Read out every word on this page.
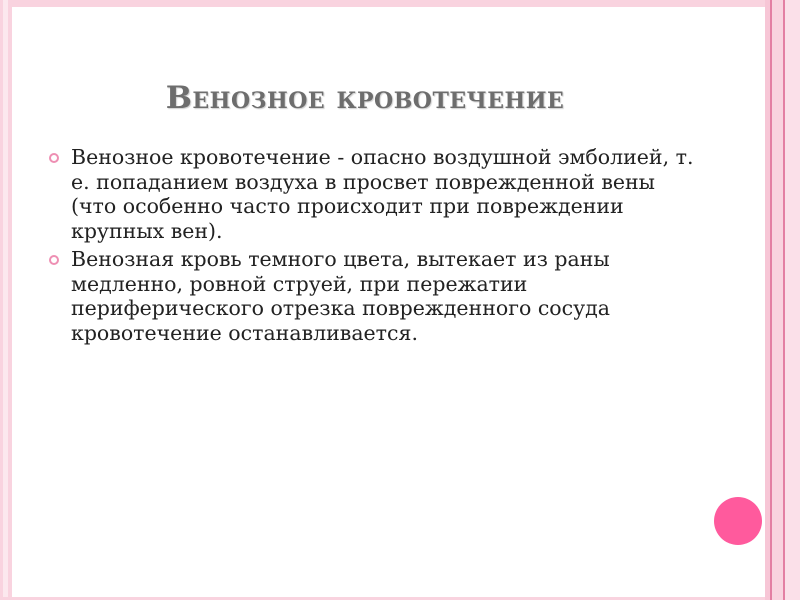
Венозное кровотечение
Венозное кровотечение - опасно воздушной эмболией, т. е. попаданием воздуха в просвет поврежденной вены (что особенно часто происходит при повреждении крупных вен).
Венозная кровь темного цвета, вытекает из раны медленно, ровной струей, при пережатии периферического отрезка поврежденного сосуда кровотечение останавливается.
